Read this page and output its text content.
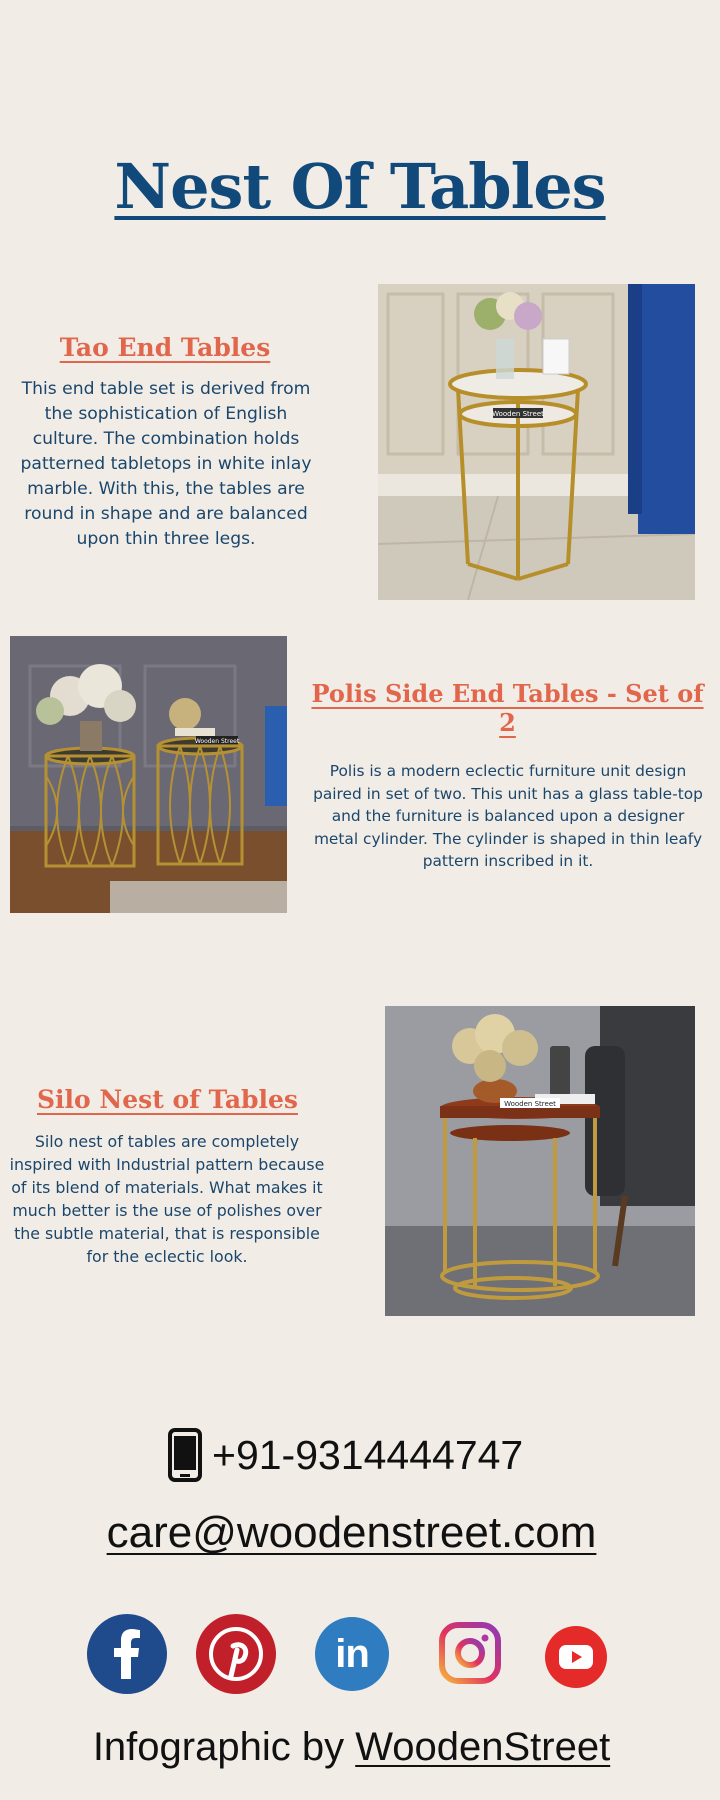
Nest Of Tables
Tao End Tables
This end table set is derived from the sophistication of English culture. The combination holds patterned tabletops in white inlay marble. With this, the tables are round in shape and are balanced upon thin three legs.
Wooden Street
Wooden Street
Polis Side End Tables - Set of 2
Polis is a modern eclectic furniture unit design paired in set of two. This unit has a glass table-top and the furniture is balanced upon a designer metal cylinder. The cylinder is shaped in thin leafy pattern inscribed in it.
Silo Nest of Tables
Silo nest of tables are completely inspired with Industrial pattern because of its blend of materials. What makes it much better is the use of polishes over the subtle material, that is responsible for the eclectic look.
Wooden Street
+91-9314444747
care@woodenstreet.com
in
Infographic by WoodenStreet
